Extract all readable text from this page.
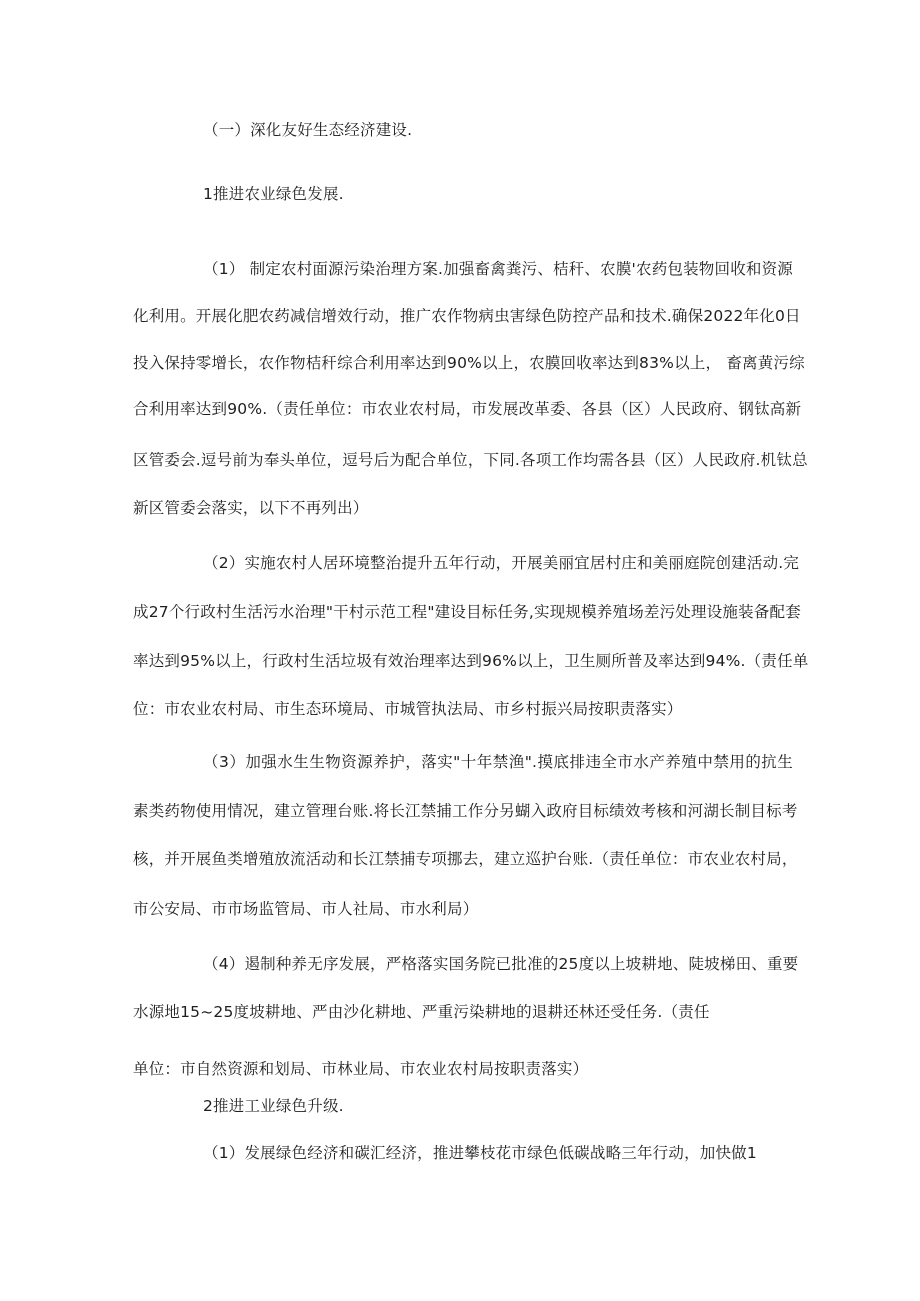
（一）深化友好生态经济建设.
1推进农业绿色发展.
（1） 制定农村面源污染治理方案.加强畜禽粪污、桔秆、农膜'农药包装物回收和资源
化利用。开展化肥农药减信增效行动，推广农作物病虫害绿色防控产品和技术.确保2022年化0日
投入保持零增长，农作物桔秆综合利用率达到90%以上，农膜回收率达到83%以上， 畜离黄污综
合利用率达到90%.（责任单位：市农业农村局，市发展改革委、各县（区）人民政府、钢钛高新
区管委会.逗号前为奉头单位，逗号后为配合单位，下同.各项工作均需各县（区）人民政府.机钛总
新区管委会落实，以下不再列出）
（2）实施农村人居环境整治提升五年行动，开展美丽宜居村庄和美丽庭院创建活动.完
成27个行政村生活污水治理"干村示范工程"建设目标任务,实现规模养殖场差污处理设施装备配套
率达到95%以上，行政村生活垃圾有效治理率达到96%以上，卫生厕所普及率达到94%.（责任单
位：市农业农村局、市生态环境局、市城管执法局、市乡村振兴局按职责落实）
（3）加强水生生物资源养护，落实"十年禁渔".摸底排违全市水产养殖中禁用的抗生
素类药物使用情况，建立管理台账.将长江禁捕工作分另蝴入政府目标绩效考核和河湖长制目标考
核，并开展鱼类增殖放流活动和长江禁捕专项挪去，建立巡护台账.（责任单位：市农业农村局，
市公安局、市市场监管局、市人社局、市水利局）
（4）遏制种养无序发展，严格落实国务院已批准的25度以上坡耕地、陡坡梯田、重要
水源地15~25度坡耕地、严由沙化耕地、严重污染耕地的退耕还林还受任务.（责任
单位：市自然资源和划局、市林业局、市农业农村局按职责落实）
2推进工业绿色升级.
（1）发展绿色经济和碳汇经济，推进攀枝花市绿色低碳战略三年行动，加快做1
